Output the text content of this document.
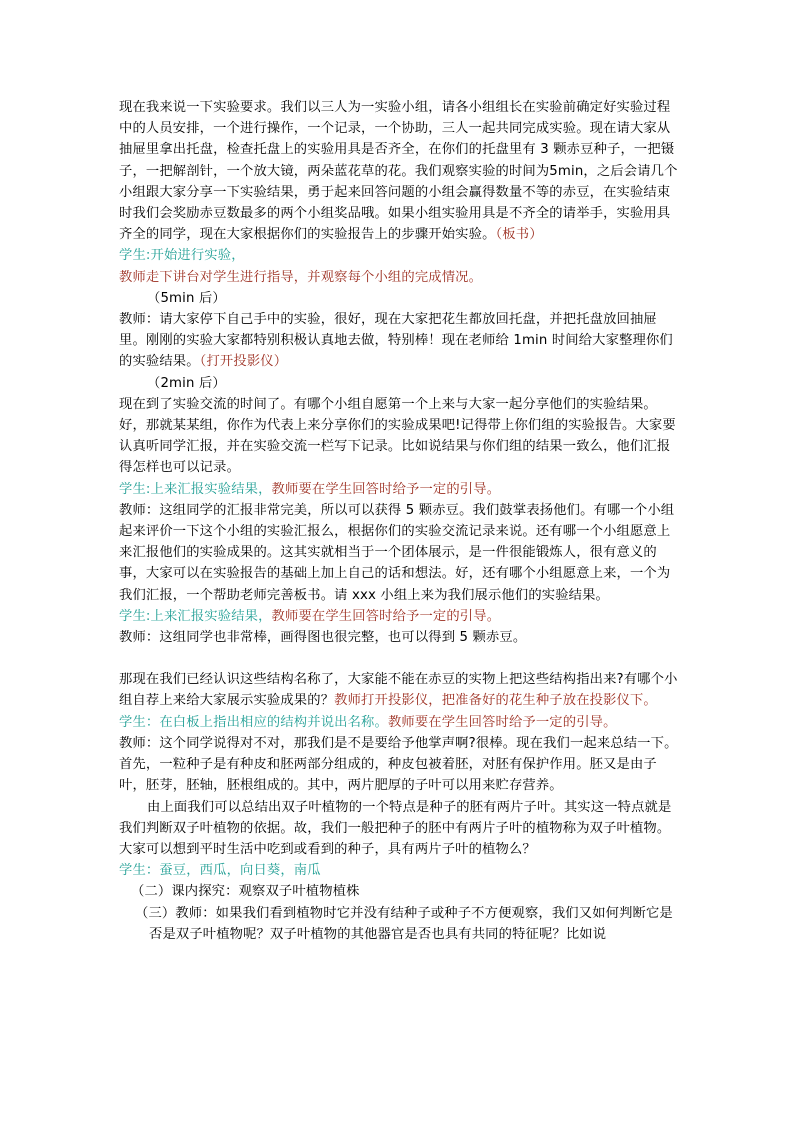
现在我来说一下实验要求。我们以三人为一实验小组，请各小组组长在实验前确定好实验过程中的人员安排，一个进行操作，一个记录，一个协助，三人一起共同完成实验。现在请大家从抽屉里拿出托盘，检查托盘上的实验用具是否齐全，在你们的托盘里有 3 颗赤豆种子，一把镊子，一把解剖针，一个放大镜，两朵蓝花草的花。我们观察实验的时间为5min，之后会请几个小组跟大家分享一下实验结果，勇于起来回答问题的小组会赢得数量不等的赤豆，在实验结束时我们会奖励赤豆数最多的两个小组奖品哦。如果小组实验用具是不齐全的请举手，实验用具齐全的同学，现在大家根据你们的实验报告上的步骤开始实验。（板书）

学生:开始进行实验，

教师走下讲台对学生进行指导，并观察每个小组的完成情况。

（5min 后）

教师：请大家停下自己手中的实验，很好，现在大家把花生都放回托盘，并把托盘放回抽屉里。刚刚的实验大家都特别积极认真地去做，特别棒！现在老师给 1min 时间给大家整理你们的实验结果。（打开投影仪）

（2min 后）

现在到了实验交流的时间了。有哪个小组自愿第一个上来与大家一起分享他们的实验结果。

好，那就某某组，你作为代表上来分享你们的实验成果吧!记得带上你们组的实验报告。大家要认真听同学汇报，并在实验交流一栏写下记录。比如说结果与你们组的结果一致么，他们汇报得怎样也可以记录。

学生:上来汇报实验结果，教师要在学生回答时给予一定的引导。

教师：这组同学的汇报非常完美，所以可以获得 5 颗赤豆。我们鼓掌表扬他们。有哪一个小组起来评价一下这个小组的实验汇报么，根据你们的实验交流记录来说。还有哪一个小组愿意上来汇报他们的实验成果的。这其实就相当于一个团体展示，是一件很能锻炼人，很有意义的事，大家可以在实验报告的基础上加上自己的话和想法。好，还有哪个小组愿意上来，一个为我们汇报，一个帮助老师完善板书。请 xxx 小组上来为我们展示他们的实验结果。

学生:上来汇报实验结果，教师要在学生回答时给予一定的引导。

教师：这组同学也非常棒，画得图也很完整，也可以得到 5 颗赤豆。

那现在我们已经认识这些结构名称了，大家能不能在赤豆的实物上把这些结构指出来?有哪个小组自荐上来给大家展示实验成果的？教师打开投影仪，把准备好的花生种子放在投影仪下。

学生：在白板上指出相应的结构并说出名称。教师要在学生回答时给予一定的引导。

教师：这个同学说得对不对，那我们是不是要给予他掌声啊?很棒。现在我们一起来总结一下。首先，一粒种子是有种皮和胚两部分组成的，种皮包被着胚，对胚有保护作用。胚又是由子叶，胚芽，胚轴，胚根组成的。其中，两片肥厚的子叶可以用来贮存营养。

由上面我们可以总结出双子叶植物的一个特点是种子的胚有两片子叶。其实这一特点就是我们判断双子叶植物的依据。故，我们一般把种子的胚中有两片子叶的植物称为双子叶植物。大家可以想到平时生活中吃到或看到的种子，具有两片子叶的植物么？

学生：蚕豆，西瓜，向日葵，南瓜

（二）课内探究：观察双子叶植物植株

（三）教师：如果我们看到植物时它并没有结种子或种子不方便观察，我们又如何判断它是否是双子叶植物呢？双子叶植物的其他器官是否也具有共同的特征呢？比如说
